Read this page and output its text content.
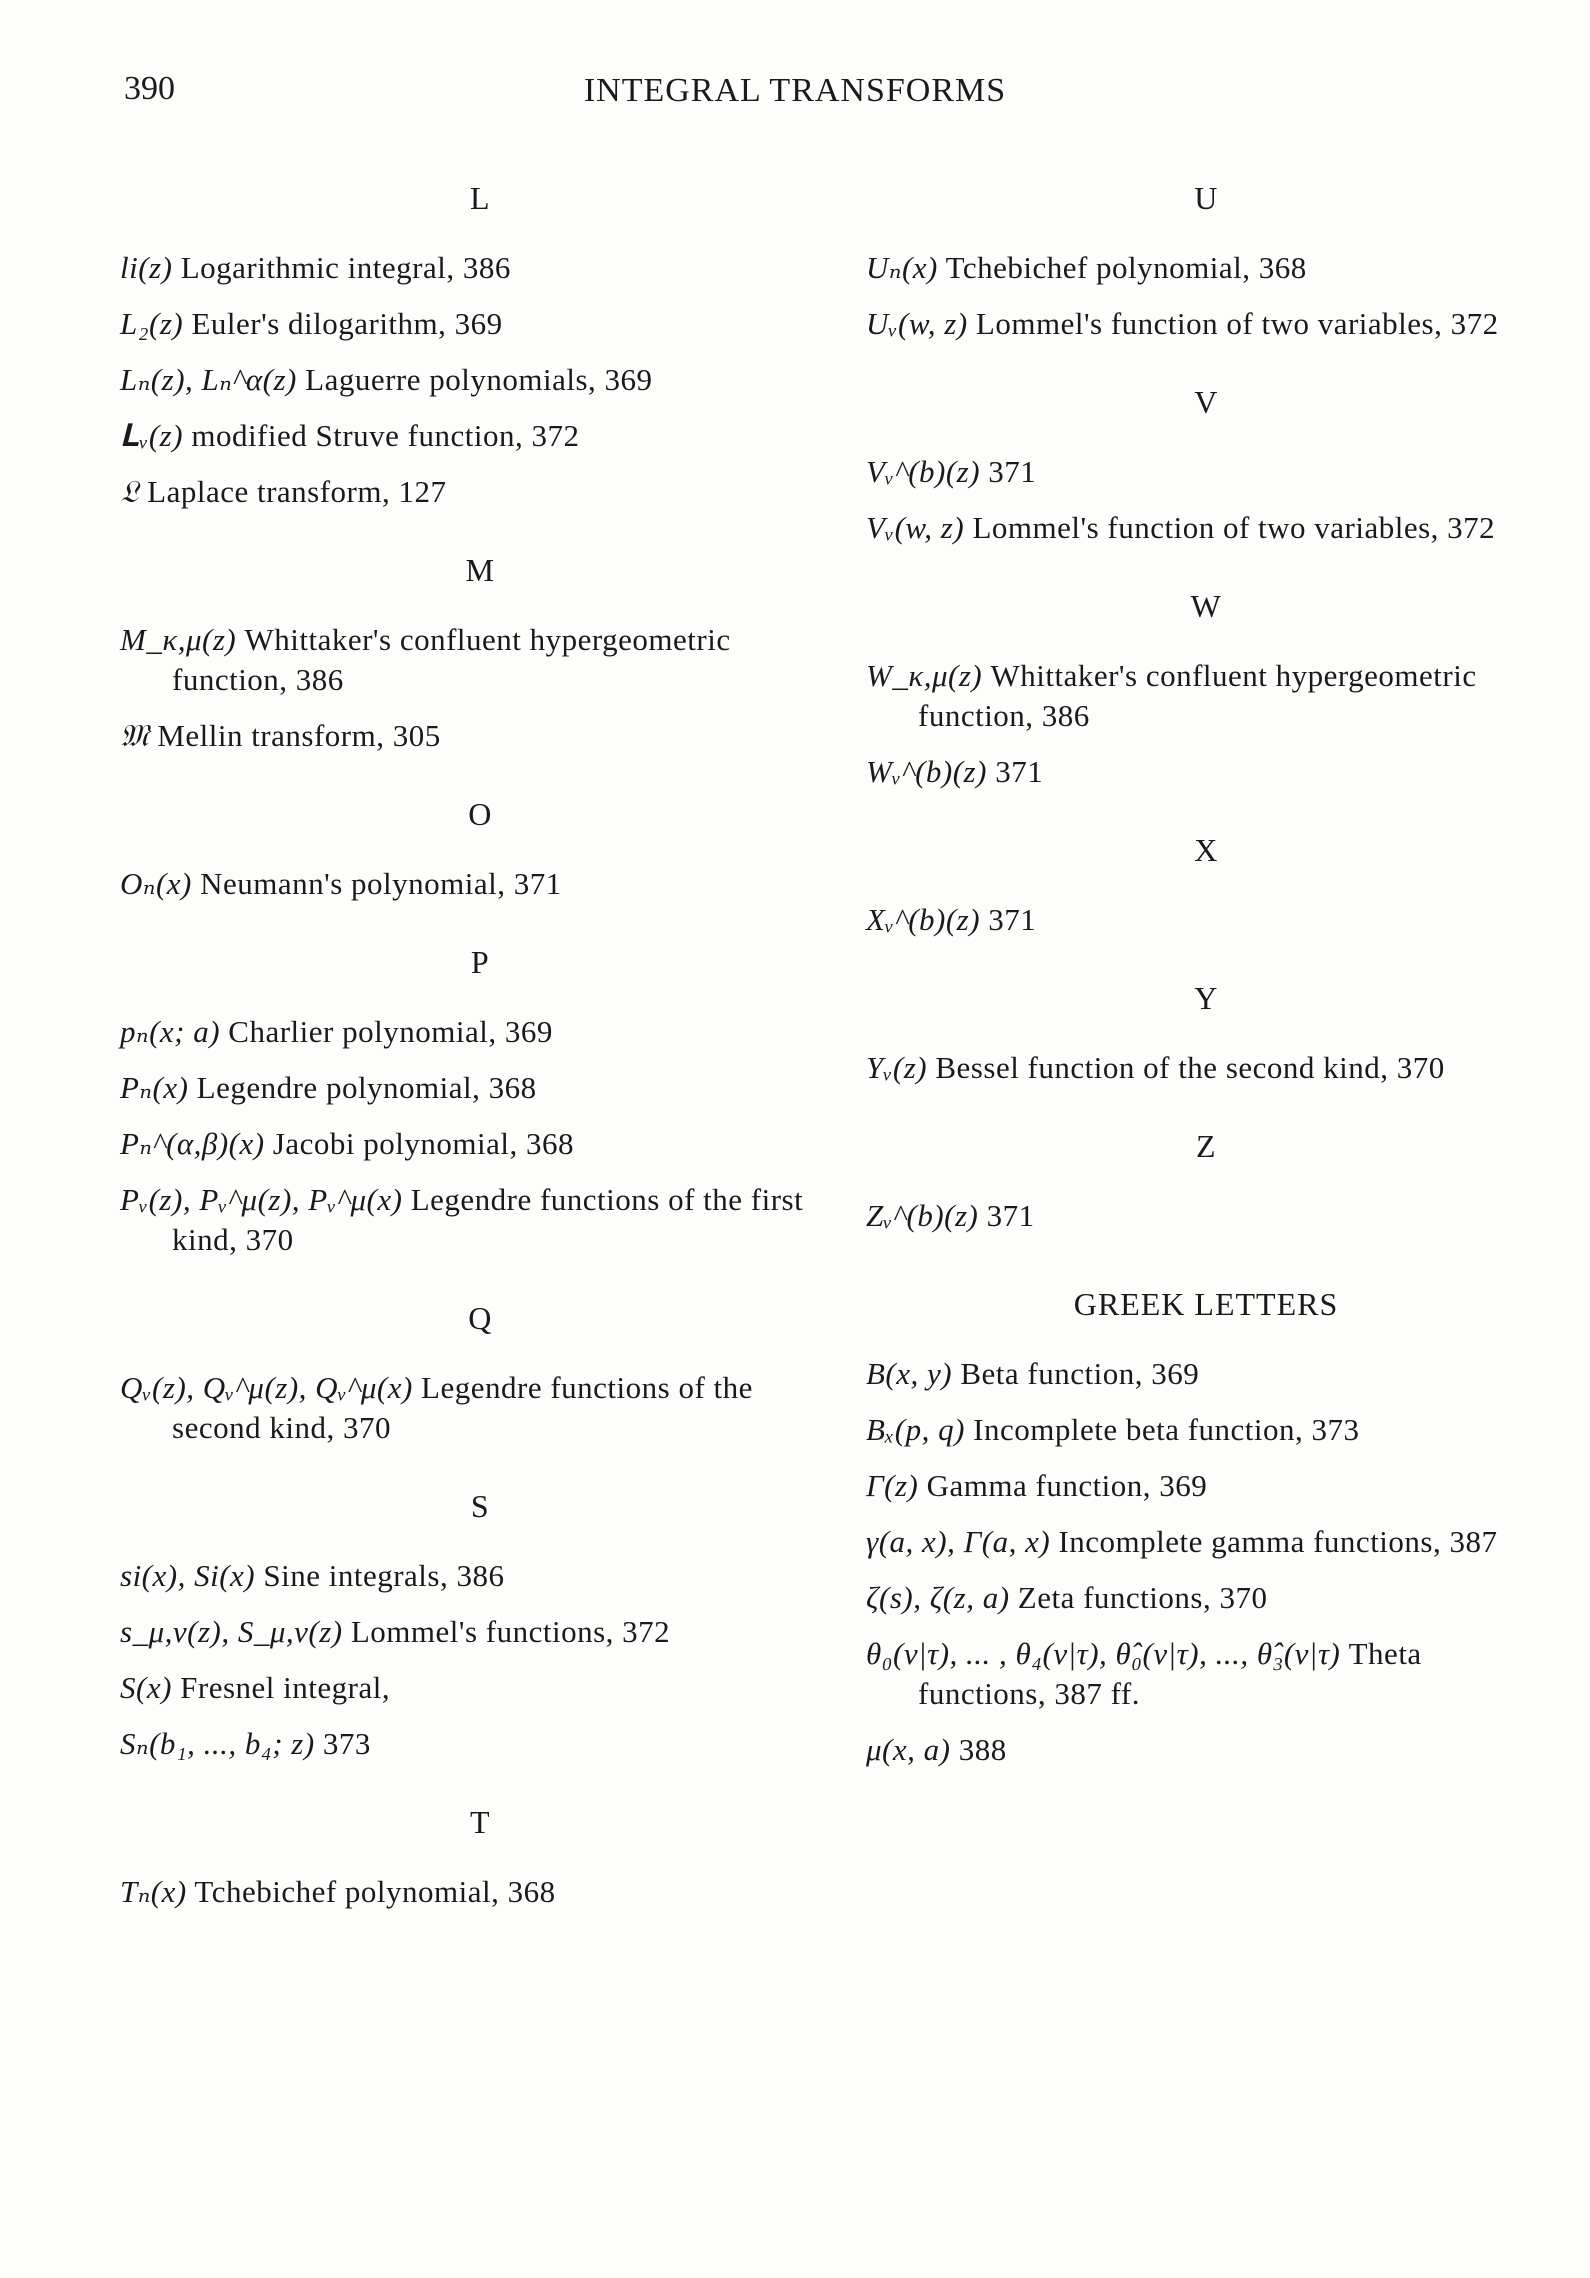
390	INTEGRAL TRANSFORMS
L
li(z) Logarithmic integral, 386
L₂(z) Euler's dilogarithm, 369
Lₙ(z), Lₙ^α(z) Laguerre polynomials, 369
𝐋ᵥ(z) modified Struve function, 372
𝔏 Laplace transform, 127
M
M_κ,μ(z) Whittaker's confluent hypergeometric function, 386
𝔐 Mellin transform, 305
O
Oₙ(x) Neumann's polynomial, 371
P
pₙ(x; a) Charlier polynomial, 369
Pₙ(x) Legendre polynomial, 368
Pₙ^(α,β)(x) Jacobi polynomial, 368
Pᵥ(z), Pᵥ^μ(z), Pᵥ^μ(x) Legendre functions of the first kind, 370
Q
Qᵥ(z), Qᵥ^μ(z), Qᵥ^μ(x) Legendre functions of the second kind, 370
S
si(x), Si(x) Sine integrals, 386
s_μ,ν(z), S_μ,ν(z) Lommel's functions, 372
S(x) Fresnel integral,
Sₙ(b₁, ..., b₄; z) 373
T
Tₙ(x) Tchebichef polynomial, 368
U
Uₙ(x) Tchebichef polynomial, 368
Uᵥ(w, z) Lommel's function of two variables, 372
V
Vᵥ^(b)(z) 371
Vᵥ(w, z) Lommel's function of two variables, 372
W
W_κ,μ(z) Whittaker's confluent hypergeometric function, 386
Wᵥ^(b)(z) 371
X
Xᵥ^(b)(z) 371
Y
Yᵥ(z) Bessel function of the second kind, 370
Z
Zᵥ^(b)(z) 371
GREEK LETTERS
B(x, y) Beta function, 369
Bₓ(p, q) Incomplete beta function, 373
Γ(z) Gamma function, 369
γ(a, x), Γ(a, x) Incomplete gamma functions, 387
ζ(s), ζ(z, a) Zeta functions, 370
θ₀(v|τ), ... , θ₄(v|τ), θ̂₀(v|τ), ..., θ̂₃(v|τ) Theta functions, 387 ff.
μ(x, a) 388
